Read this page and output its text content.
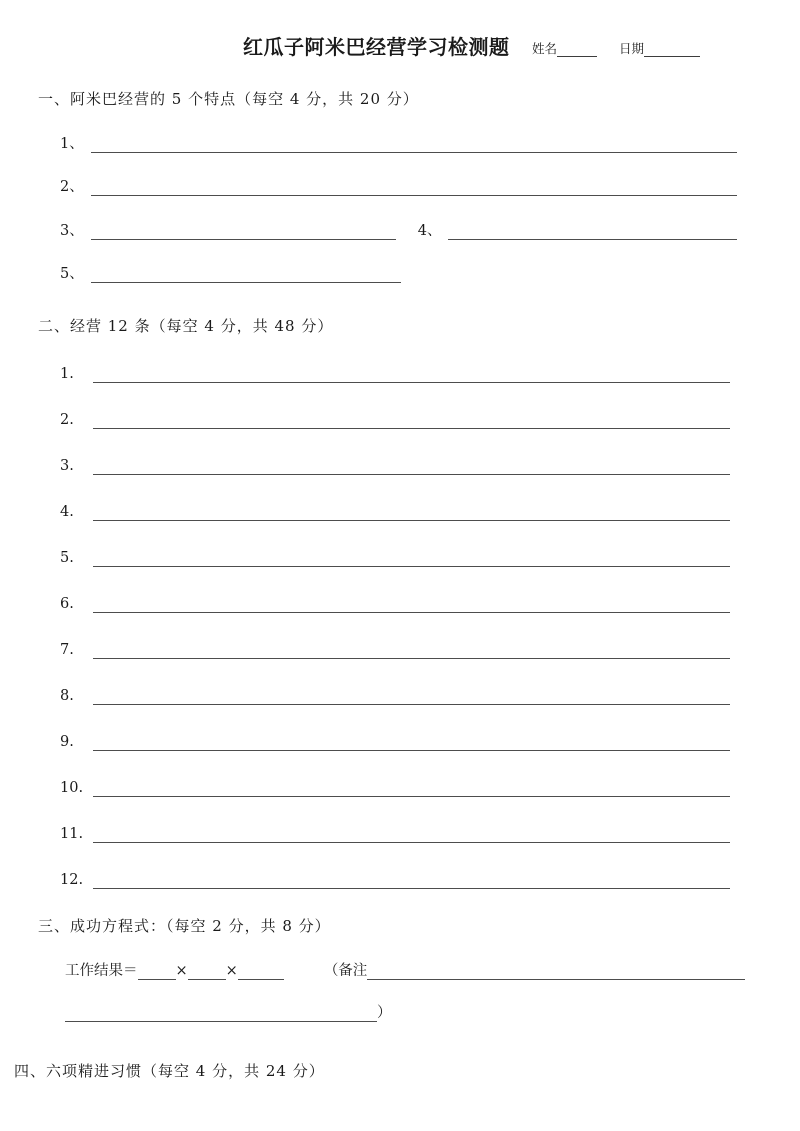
红瓜子阿米巴经营学习检测题 姓名	日期
一、阿米巴经营的 5 个特点（每空 4 分，共 20 分）
1、
2、
3、	4、
5、
二、经营 12 条（每空 4 分，共 48 分）
1.
2.
3.
4.
5.
6.
7.
8.
9.
10.
11.
12.
三、成功方程式：（每空 2 分，共 8 分）
工作结果＝	×	×	（备注
）
四、六项精进习惯（每空 4 分，共 24 分）
